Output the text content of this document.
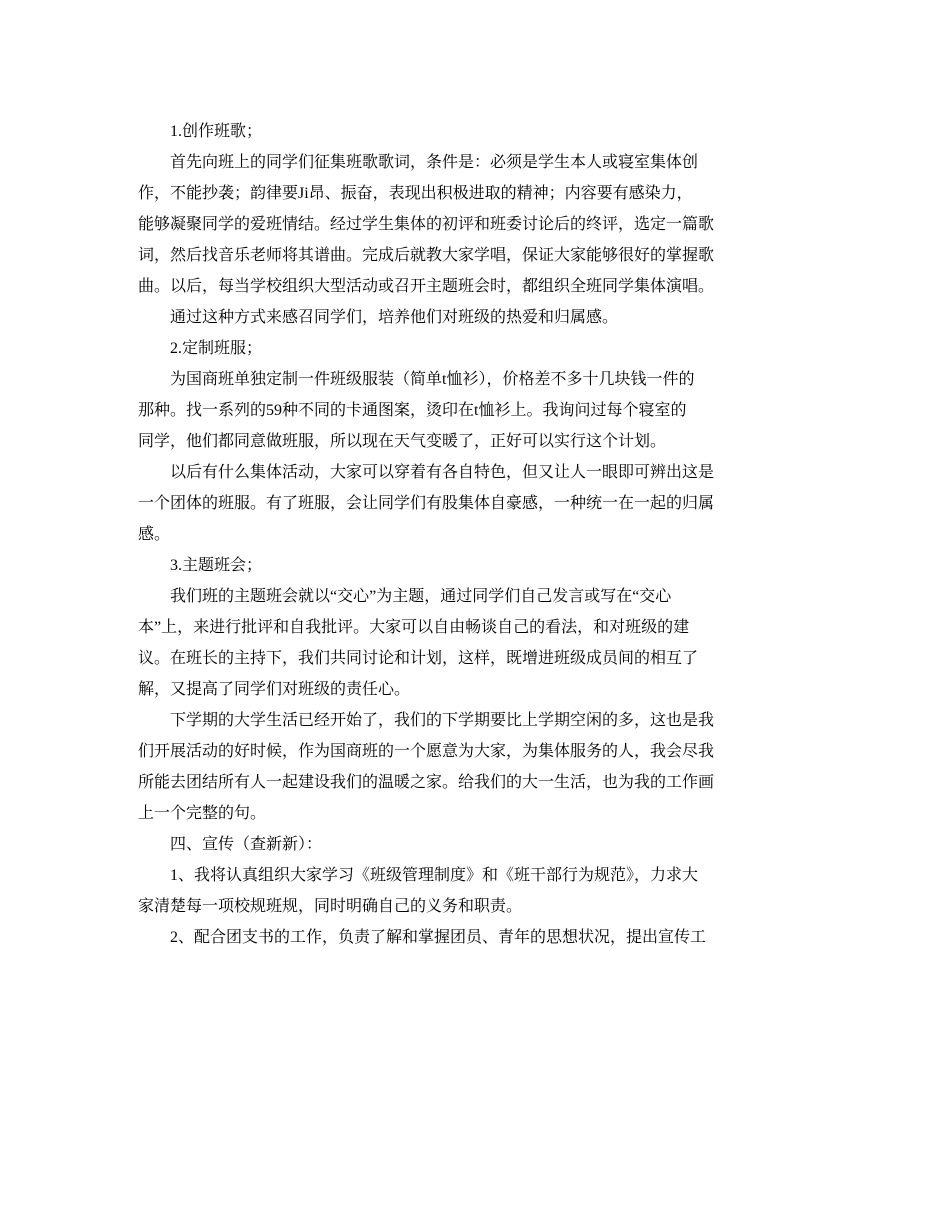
　　1.创作班歌；
　　首先向班上的同学们征集班歌歌词，条件是：必须是学生本人或寝室集体创
作，不能抄袭；韵律要Ji昂、振奋，表现出积极进取的精神；内容要有感染力，
能够凝聚同学的爱班情结。经过学生集体的初评和班委讨论后的终评，选定一篇歌
词，然后找音乐老师将其谱曲。完成后就教大家学唱，保证大家能够很好的掌握歌
曲。以后，每当学校组织大型活动或召开主题班会时，都组织全班同学集体演唱。
　　通过这种方式来感召同学们，培养他们对班级的热爱和归属感。
　　2.定制班服；
　　为国商班单独定制一件班级服装（简单t恤衫），价格差不多十几块钱一件的
那种。找一系列的59种不同的卡通图案，烫印在t恤衫上。我询问过每个寝室的
同学，他们都同意做班服，所以现在天气变暖了，正好可以实行这个计划。
　　以后有什么集体活动，大家可以穿着有各自特色，但又让人一眼即可辨出这是
一个团体的班服。有了班服，会让同学们有股集体自豪感，一种统一在一起的归属
感。
　　3.主题班会；
　　我们班的主题班会就以“交心”为主题，通过同学们自己发言或写在“交心
本”上，来进行批评和自我批评。大家可以自由畅谈自己的看法，和对班级的建
议。在班长的主持下，我们共同讨论和计划，这样，既增进班级成员间的相互了
解，又提高了同学们对班级的责任心。
　　下学期的大学生活已经开始了，我们的下学期要比上学期空闲的多，这也是我
们开展活动的好时候，作为国商班的一个愿意为大家，为集体服务的人，我会尽我
所能去团结所有人一起建设我们的温暖之家。给我们的大一生活，也为我的工作画
上一个完整的句。
　　四、宣传（查新新）：
　　1、我将认真组织大家学习《班级管理制度》和《班干部行为规范》，力求大
家清楚每一项校规班规，同时明确自己的义务和职责。
　　2、配合团支书的工作，负责了解和掌握团员、青年的思想状况，提出宣传工
